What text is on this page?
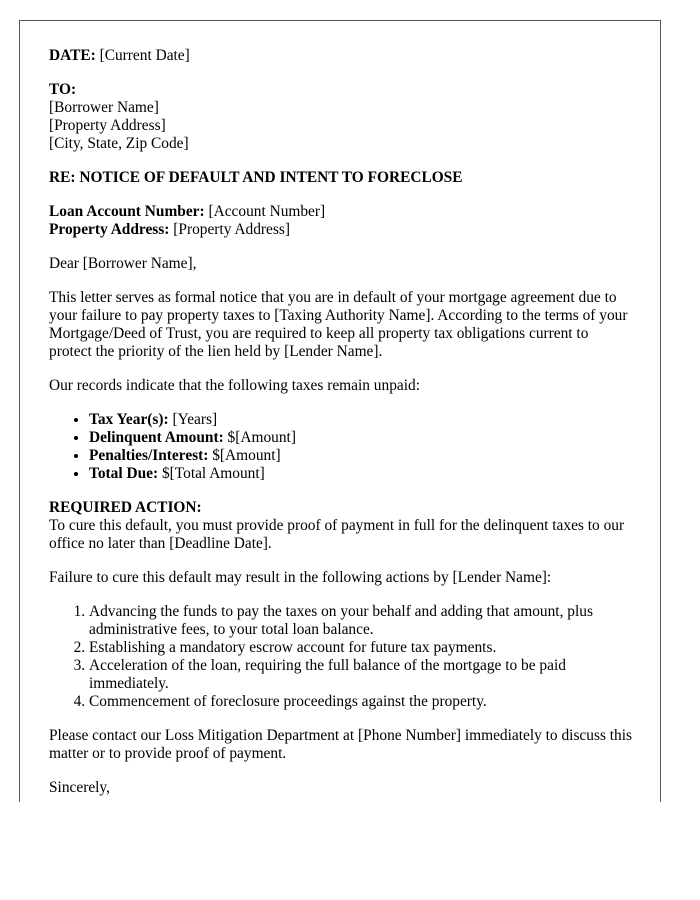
DATE: [Current Date]

TO:
[Borrower Name]
[Property Address]
[City, State, Zip Code]

RE: NOTICE OF DEFAULT AND INTENT TO FORECLOSE

Loan Account Number: [Account Number]
Property Address: [Property Address]

Dear [Borrower Name],

This letter serves as formal notice that you are in default of your mortgage agreement due to your failure to pay property taxes to [Taxing Authority Name]. According to the terms of your Mortgage/Deed of Trust, you are required to keep all property tax obligations current to protect the priority of the lien held by [Lender Name].

Our records indicate that the following taxes remain unpaid:

• Tax Year(s): [Years]
• Delinquent Amount: $[Amount]
• Penalties/Interest: $[Amount]
• Total Due: $[Total Amount]

REQUIRED ACTION:
To cure this default, you must provide proof of payment in full for the delinquent taxes to our office no later than [Deadline Date].

Failure to cure this default may result in the following actions by [Lender Name]:

1. Advancing the funds to pay the taxes on your behalf and adding that amount, plus administrative fees, to your total loan balance.
2. Establishing a mandatory escrow account for future tax payments.
3. Acceleration of the loan, requiring the full balance of the mortgage to be paid immediately.
4. Commencement of foreclosure proceedings against the property.

Please contact our Loss Mitigation Department at [Phone Number] immediately to discuss this matter or to provide proof of payment.

Sincerely,
